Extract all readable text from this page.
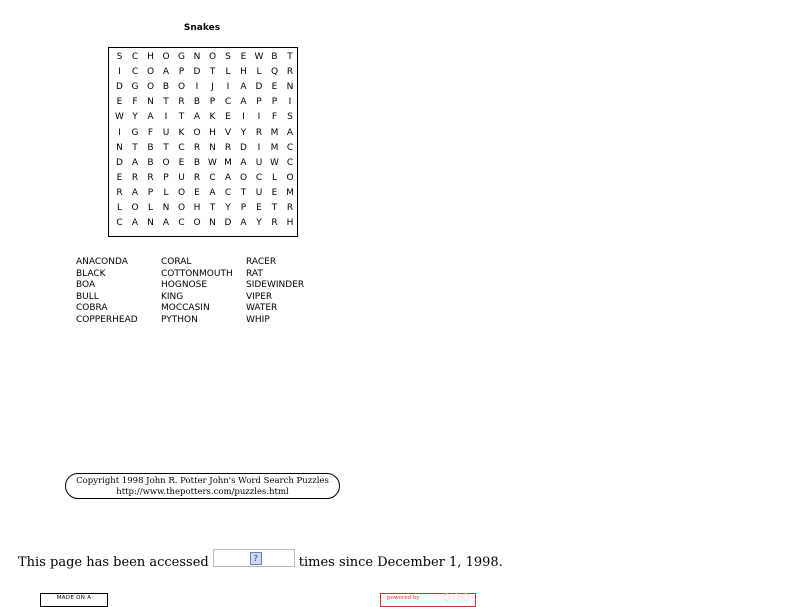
Snakes
S	C H O G N O	S	E W B	T
I	C O A	P	D	T	L	H	L	Q R
D G O B O	I	J	I	A D	E	N
E	F	N	T	R	B	P	C	A	P	P	I
W Y	A	I	T	A	K	E	I	I	F	S
I	G	F	U	K	O H	V	Y	R M A
N	T	B	T	C	R	N	R D	I	M C
D A	B O	E	B W M A	U W C
E	R	R	P	U	R	C	A O C	L	O
R	A	P	L	O	E	A	C	T	U	E M
L	O	L	N O H	T	Y	P	E	T	R
C	A	N	A	C O N D A	Y	R H
ANACONDA
BLACK
BOA
BULL
COBRA
COPPERHEAD
CORAL
COTTONMOUTH
HOGNOSE
KING
MOCCASIN
PYTHON
RACER
RAT
SIDEWINDER
VIPER
WATER
WHIP
Copyright 1998 John R. Potter John's Word Search Puzzles
http://www.thepotters.com/puzzles.html
This page has been accessed	?	times since December 1, 1998.
MADE ON A	powered by ◇◇◇
